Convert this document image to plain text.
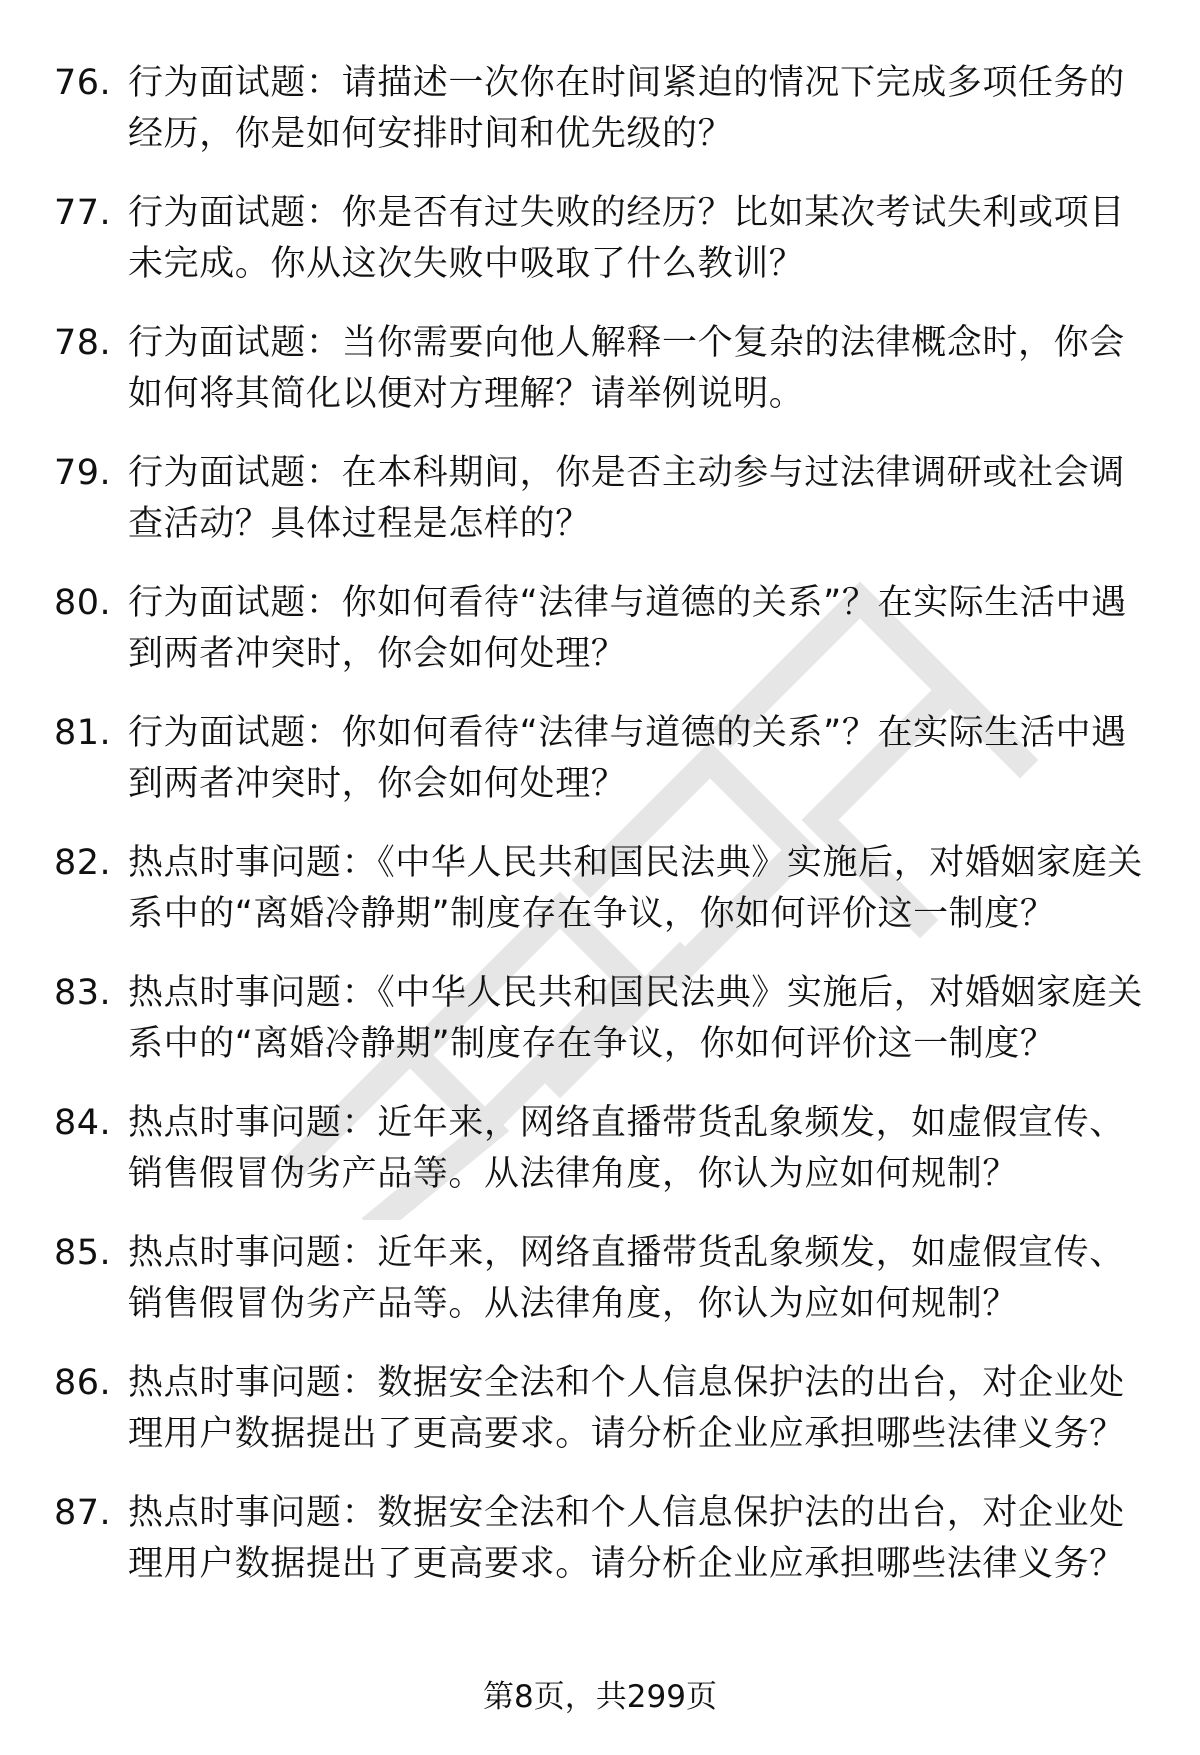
76. 行为面试题：请描述一次你在时间紧迫的情况下完成多项任务的经历，你是如何安排时间和优先级的？
77. 行为面试题：你是否有过失败的经历？比如某次考试失利或项目未完成。你从这次失败中吸取了什么教训？
78. 行为面试题：当你需要向他人解释一个复杂的法律概念时，你会如何将其简化以便对方理解？请举例说明。
79. 行为面试题：在本科期间，你是否主动参与过法律调研或社会调查活动？具体过程是怎样的？
80. 行为面试题：你如何看待“法律与道德的关系”？在实际生活中遇到两者冲突时，你会如何处理？
81. 行为面试题：你如何看待“法律与道德的关系”？在实际生活中遇到两者冲突时，你会如何处理？
82. 热点时事问题：《中华人民共和国民法典》实施后，对婚姻家庭关系中的“离婚冷静期”制度存在争议，你如何评价这一制度？
83. 热点时事问题：《中华人民共和国民法典》实施后，对婚姻家庭关系中的“离婚冷静期”制度存在争议，你如何评价这一制度？
84. 热点时事问题：近年来，网络直播带货乱象频发，如虚假宣传、销售假冒伪劣产品等。从法律角度，你认为应如何规制？
85. 热点时事问题：近年来，网络直播带货乱象频发，如虚假宣传、销售假冒伪劣产品等。从法律角度，你认为应如何规制？
86. 热点时事问题：数据安全法和个人信息保护法的出台，对企业处理用户数据提出了更高要求。请分析企业应承担哪些法律义务？
87. 热点时事问题：数据安全法和个人信息保护法的出台，对企业处理用户数据提出了更高要求。请分析企业应承担哪些法律义务？
第8页，共299页
